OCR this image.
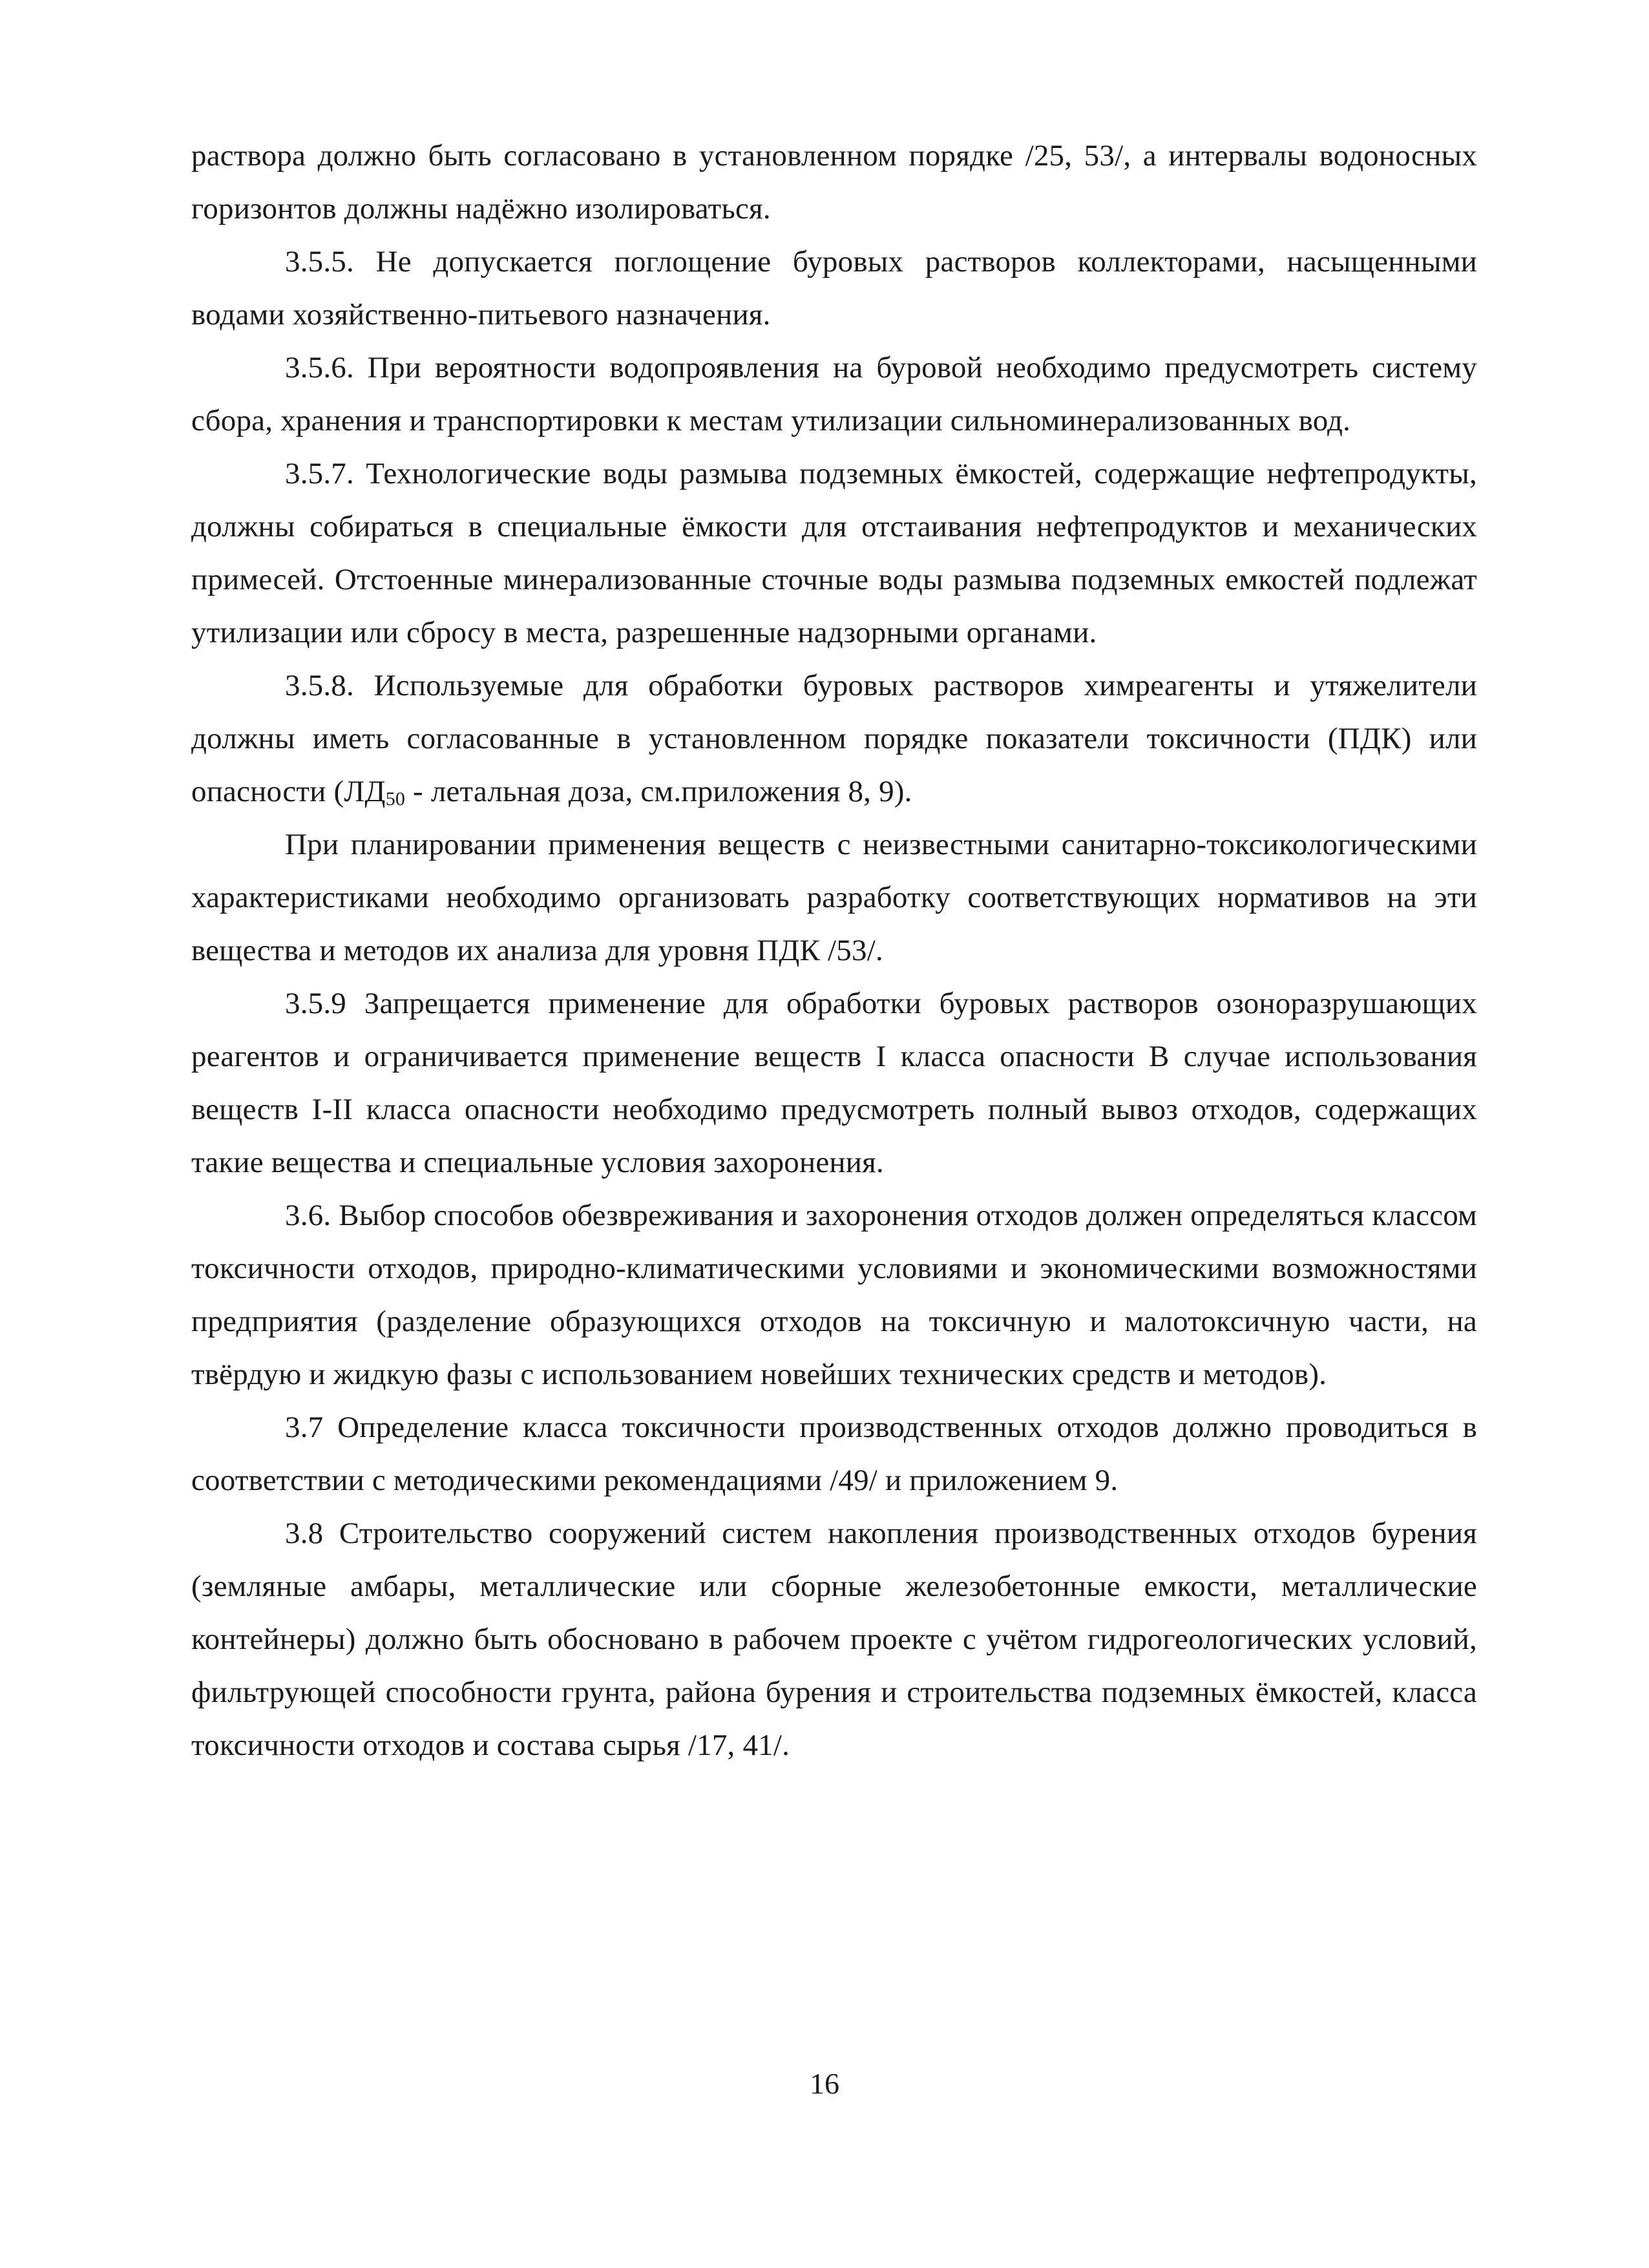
раствора должно быть согласовано в установленном порядке /25, 53/, а интервалы водоносных горизонтов должны надёжно изолироваться.

3.5.5. Не допускается поглощение буровых растворов коллекторами, насыщенными водами хозяйственно-питьевого назначения.

3.5.6. При вероятности водопроявления на буровой необходимо предусмотреть систему сбора, хранения и транспортировки к местам утилизации сильноминерализованных вод.

3.5.7. Технологические воды размыва подземных ёмкостей, содержащие нефтепродукты, должны собираться в специальные ёмкости для отстаивания нефтепродуктов и механических примесей. Отстоенные минерализованные сточные воды размыва подземных емкостей подлежат утилизации или сбросу в места, разрешенные надзорными органами.

3.5.8. Используемые для обработки буровых растворов химреагенты и утяжелители должны иметь согласованные в установленном порядке показатели токсичности (ПДК) или опасности ($ЛД_{50}$ - летальная доза, см.приложения 8, 9).

При планировании применения веществ с неизвестными санитарно-токсикологическими характеристиками необходимо организовать разработку соответствующих нормативов на эти вещества и методов их анализа для уровня ПДК /53/.

3.5.9 Запрещается применение для обработки буровых растворов озоноразрушающих реагентов и ограничивается применение веществ I класса опасности В случае использования веществ I-II класса опасности необходимо предусмотреть полный вывоз отходов, содержащих такие вещества и специальные условия захоронения.

3.6. Выбор способов обезвреживания и захоронения отходов должен определяться классом токсичности отходов, природно-климатическими условиями и экономическими возможностями предприятия (разделение образующихся отходов на токсичную и малотоксичную части, на твёрдую и жидкую фазы с использованием новейших технических средств и методов).

3.7 Определение класса токсичности производственных отходов должно проводиться в соответствии с методическими рекомендациями /49/ и приложением 9.

3.8 Строительство сооружений систем накопления производственных отходов бурения (земляные амбары, металлические или сборные железобетонные емкости, металлические контейнеры) должно быть обосновано в рабочем проекте с учётом гидрогеологических условий, фильтрующей способности грунта, района бурения и строительства подземных ёмкостей, класса токсичности отходов и состава сырья /17, 41/.

16
